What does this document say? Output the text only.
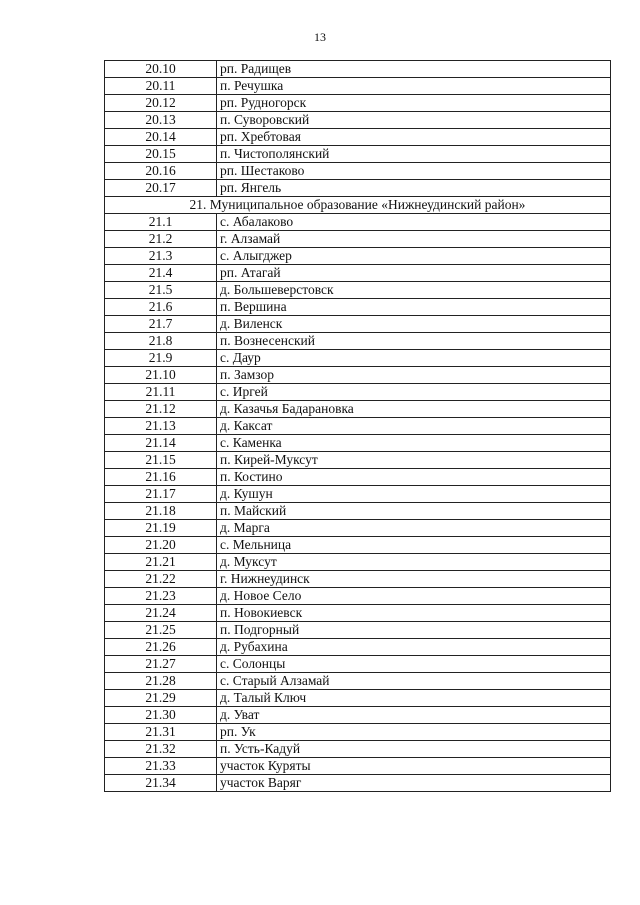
13
20.10	рп. Радищев
20.11	п. Речушка
20.12	рп. Рудногорск
20.13	п. Суворовский
20.14	рп. Хребтовая
20.15	п. Чистополянский
20.16	рп. Шестаково
20.17	рп. Янгель
21. Муниципальное образование «Нижнеудинский район»	
21.1	с. Абалаково
21.2	г. Алзамай
21.3	с. Алыгджер
21.4	рп. Атагай
21.5	д. Большеверстовск
21.6	п. Вершина
21.7	д. Виленск
21.8	п. Вознесенский
21.9	с. Даур
21.10	п. Замзор
21.11	с. Иргей
21.12	д. Казачья Бадарановка
21.13	д. Каксат
21.14	с. Каменка
21.15	п. Кирей-Муксут
21.16	п. Костино
21.17	д. Кушун
21.18	п. Майский
21.19	д. Марга
21.20	с. Мельница
21.21	д. Муксут
21.22	г. Нижнеудинск
21.23	д. Новое Село
21.24	п. Новокиевск
21.25	п. Подгорный
21.26	д. Рубахина
21.27	с. Солонцы
21.28	с. Старый Алзамай
21.29	д. Талый Ключ
21.30	д. Уват
21.31	рп. Ук
21.32	п. Усть-Кадуй
21.33	участок Куряты
21.34	участок Варяг
